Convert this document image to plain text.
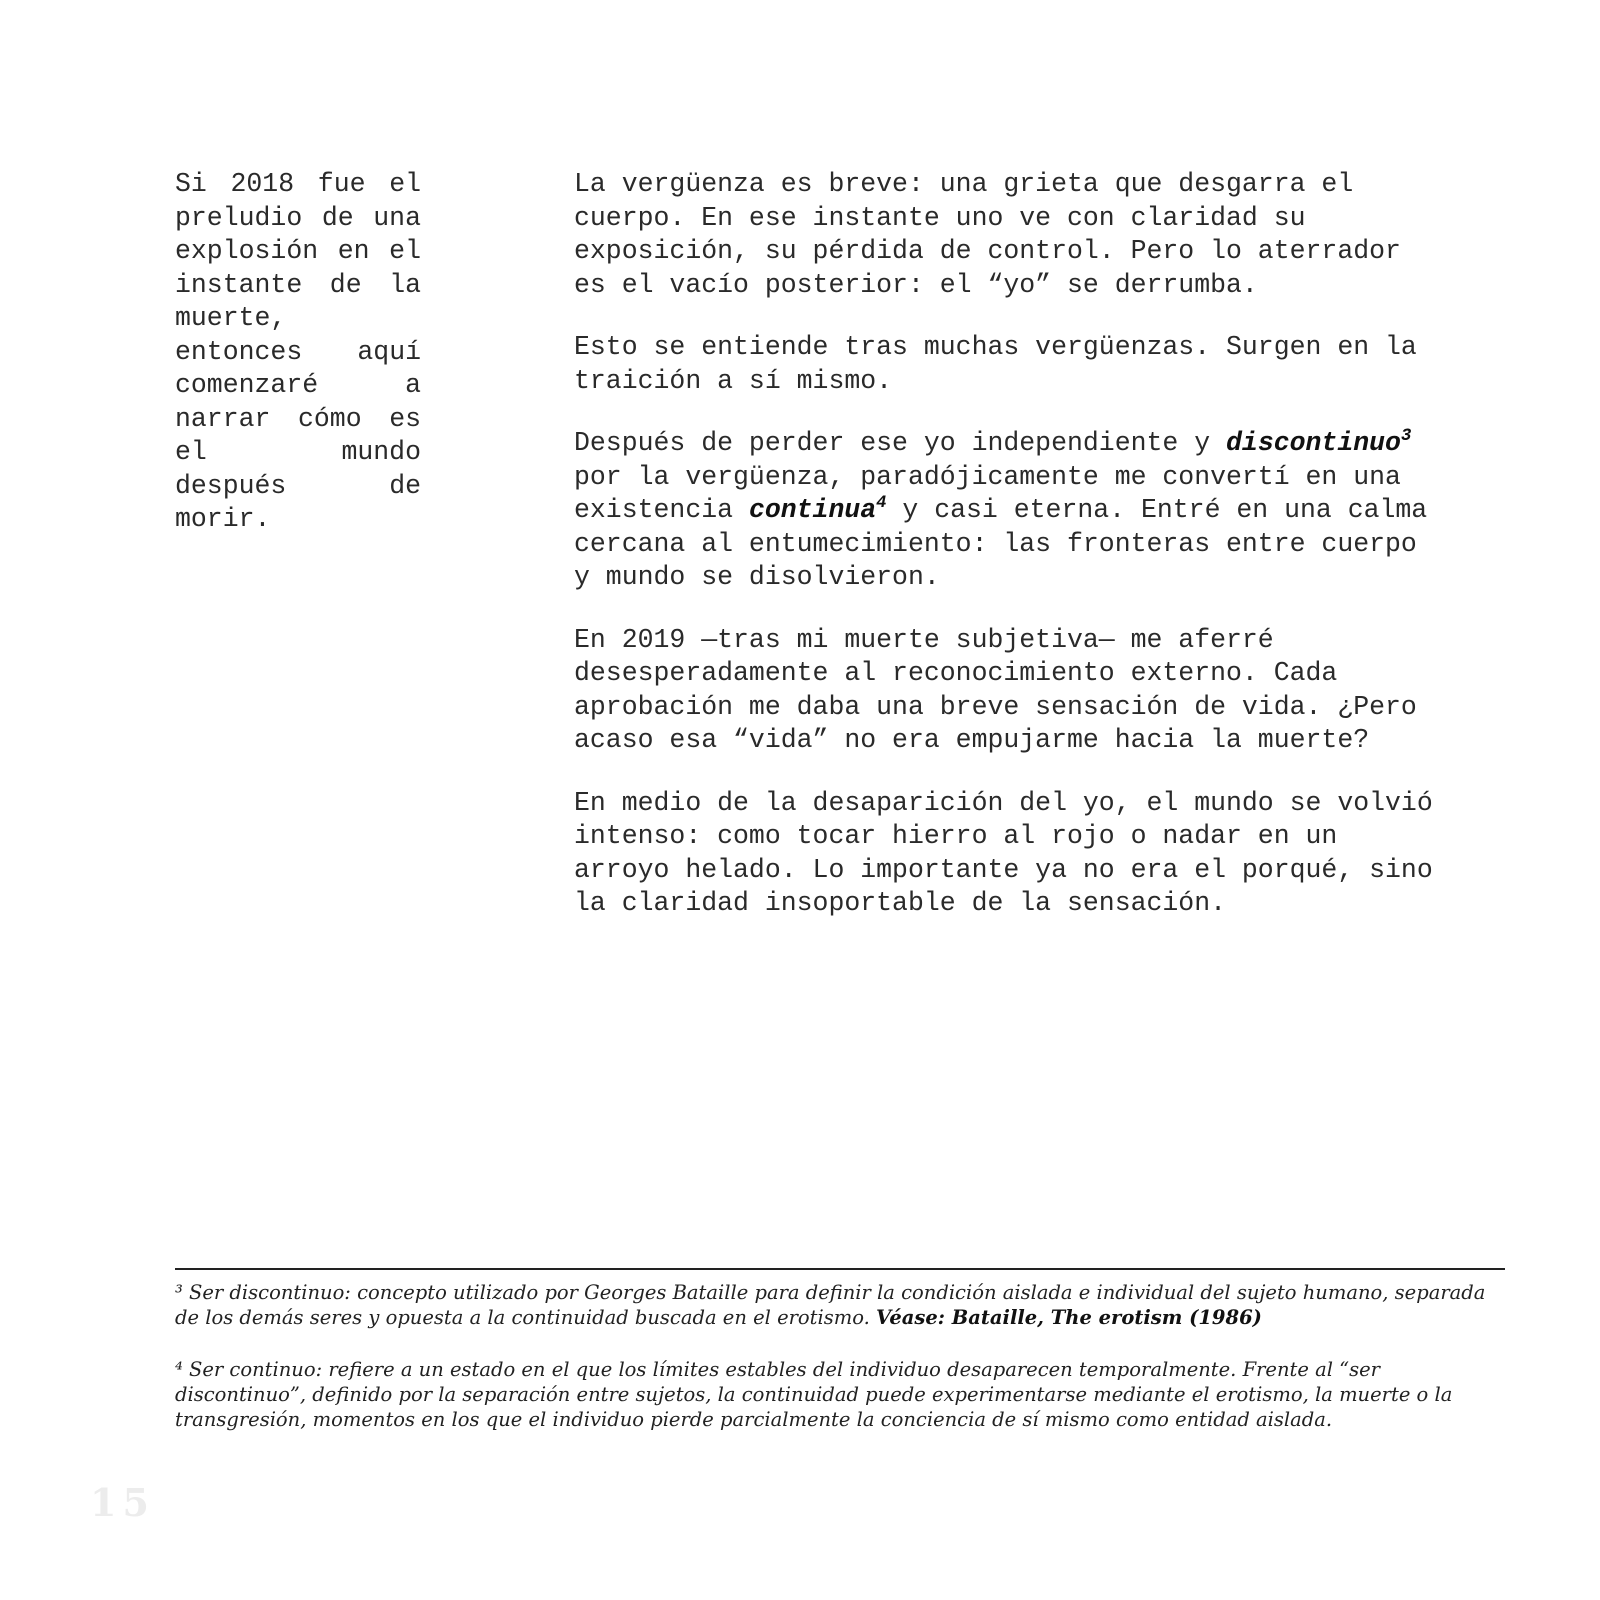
Si 2018 fue el preludio de una explosión en el instante de la muerte, entonces aquí comenzaré a narrar cómo es el mundo después de morir.

La vergüenza es breve: una grieta que desgarra el cuerpo. En ese instante uno ve con claridad su exposición, su pérdida de control. Pero lo aterrador es el vacío posterior: el “yo” se derrumba.

Esto se entiende tras muchas vergüenzas. Surgen en la traición a sí mismo.

Después de perder ese yo independiente y discontinuo$^3$ por la vergüenza, paradójicamente me convertí en una existencia continua$^4$ y casi eterna. Entré en una calma cercana al entumecimiento: las fronteras entre cuerpo y mundo se disolvieron.

En 2019 —tras mi muerte subjetiva— me aferré desesperadamente al reconocimiento externo. Cada aprobación me daba una breve sensación de vida. ¿Pero acaso esa “vida” no era empujarme hacia la muerte?

En medio de la desaparición del yo, el mundo se volvió intenso: como tocar hierro al rojo o nadar en un arroyo helado. Lo importante ya no era el porqué, sino la claridad insoportable de la sensación.

³ Ser discontinuo: concepto utilizado por Georges Bataille para definir la condición aislada e individual del sujeto humano, separada de los demás seres y opuesta a la continuidad buscada en el erotismo. Véase: Bataille, The erotism (1986)

⁴ Ser continuo: refiere a un estado en el que los límites estables del individuo desaparecen temporalmente. Frente al “ser discontinuo”, definido por la separación entre sujetos, la continuidad puede experimentarse mediante el erotismo, la muerte o la transgresión, momentos en los que el individuo pierde parcialmente la conciencia de sí mismo como entidad aislada.

15
